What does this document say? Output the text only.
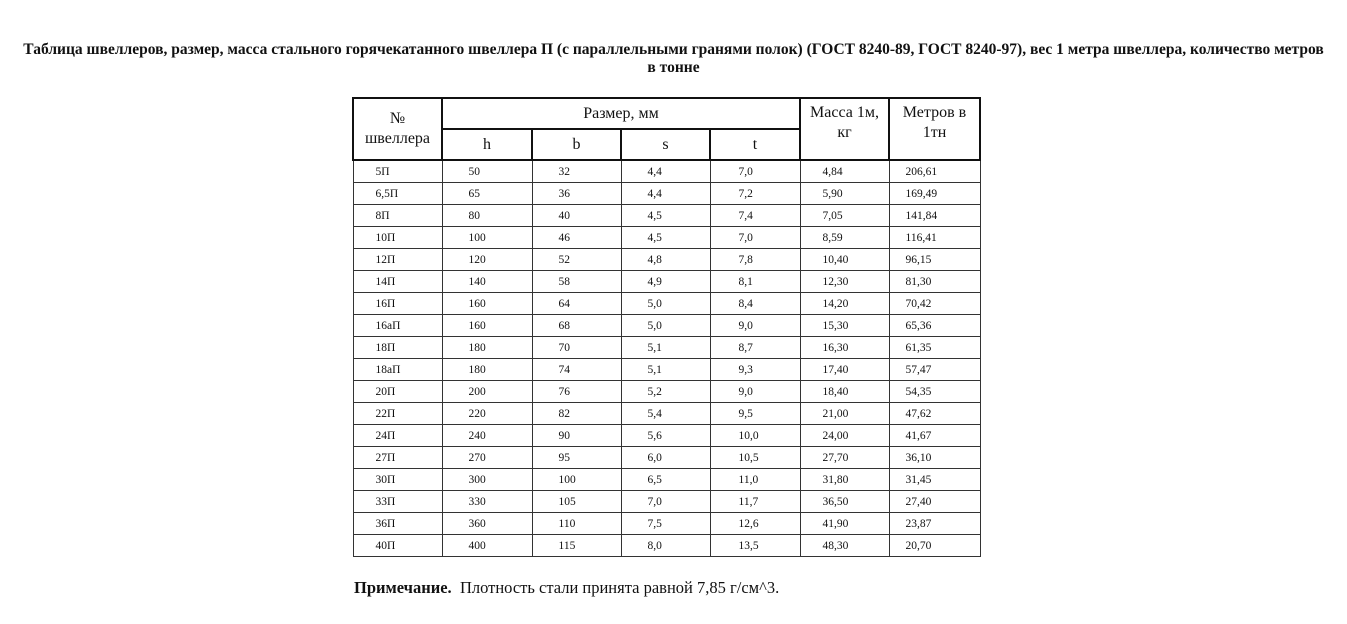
Таблица швеллеров, размер, масса стального горячекатанного швеллера П (с параллельными гранями полок) (ГОСТ 8240-89, ГОСТ 8240-97), вес 1 метра швеллера, количество метров в тонне
№
швеллера	Размер, мм				Масса 1м,
кг	Метров в
1тн
	h	b	s	t		
5П	50	32	4,4	7,0	4,84	206,61
6,5П	65	36	4,4	7,2	5,90	169,49
8П	80	40	4,5	7,4	7,05	141,84
10П	100	46	4,5	7,0	8,59	116,41
12П	120	52	4,8	7,8	10,40	96,15
14П	140	58	4,9	8,1	12,30	81,30
16П	160	64	5,0	8,4	14,20	70,42
16аП	160	68	5,0	9,0	15,30	65,36
18П	180	70	5,1	8,7	16,30	61,35
18аП	180	74	5,1	9,3	17,40	57,47
20П	200	76	5,2	9,0	18,40	54,35
22П	220	82	5,4	9,5	21,00	47,62
24П	240	90	5,6	10,0	24,00	41,67
27П	270	95	6,0	10,5	27,70	36,10
30П	300	100	6,5	11,0	31,80	31,45
33П	330	105	7,0	11,7	36,50	27,40
36П	360	110	7,5	12,6	41,90	23,87
40П	400	115	8,0	13,5	48,30	20,70
Примечание. Плотность стали принята равной 7,85 г/см^3.
